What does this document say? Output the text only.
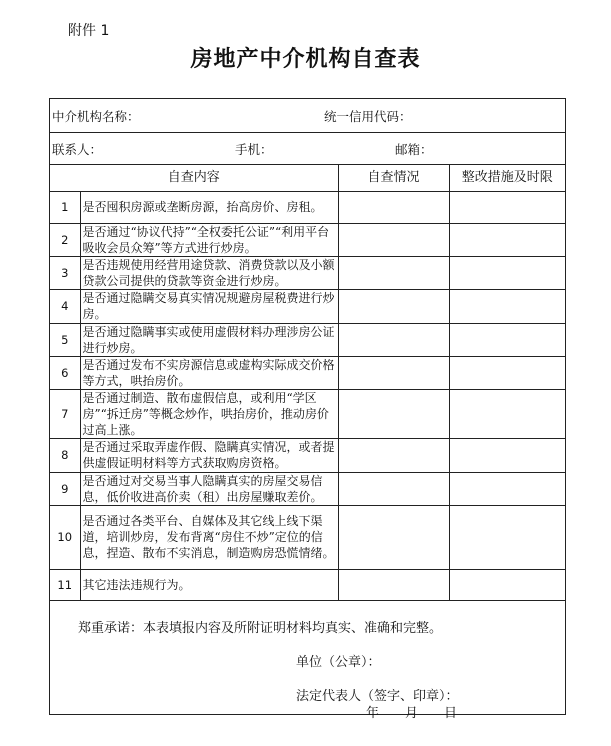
附件 1
房地产中介机构自查表
中介机构名称：	统一信用代码：
联系人：	手机：	邮箱：
自查内容		自查情况	整改措施及时限
1	是否囤积房源或垄断房源，抬高房价、房租。		
2	是否通过“协议代持”“全权委托公证”“利用平台吸收会员众筹”等方式进行炒房。		
3	是否违规使用经营用途贷款、消费贷款以及小额贷款公司提供的贷款等资金进行炒房。		
4	是否通过隐瞒交易真实情况规避房屋税费进行炒房。		
5	是否通过隐瞒事实或使用虚假材料办理涉房公证进行炒房。		
6	是否通过发布不实房源信息或虚构实际成交价格等方式，哄抬房价。		
7	是否通过制造、散布虚假信息，或利用“学区房”“拆迁房”等概念炒作，哄抬房价，推动房价过高上涨。		
8	是否通过采取弄虚作假、隐瞒真实情况，或者提供虚假证明材料等方式获取购房资格。		
9	是否通过对交易当事人隐瞒真实的房屋交易信息，低价收进高价卖（租）出房屋赚取差价。		
10	是否通过各类平台、自媒体及其它线上线下渠道，培训炒房，发布背离“房住不炒”定位的信息，捏造、散布不实消息，制造购房恐慌情绪。		
11	其它违法违规行为。		
郑重承诺：本表填报内容及所附证明材料均真实、准确和完整。
单位（公章）：
法定代表人（签字、印章）：
年　　月　　日
